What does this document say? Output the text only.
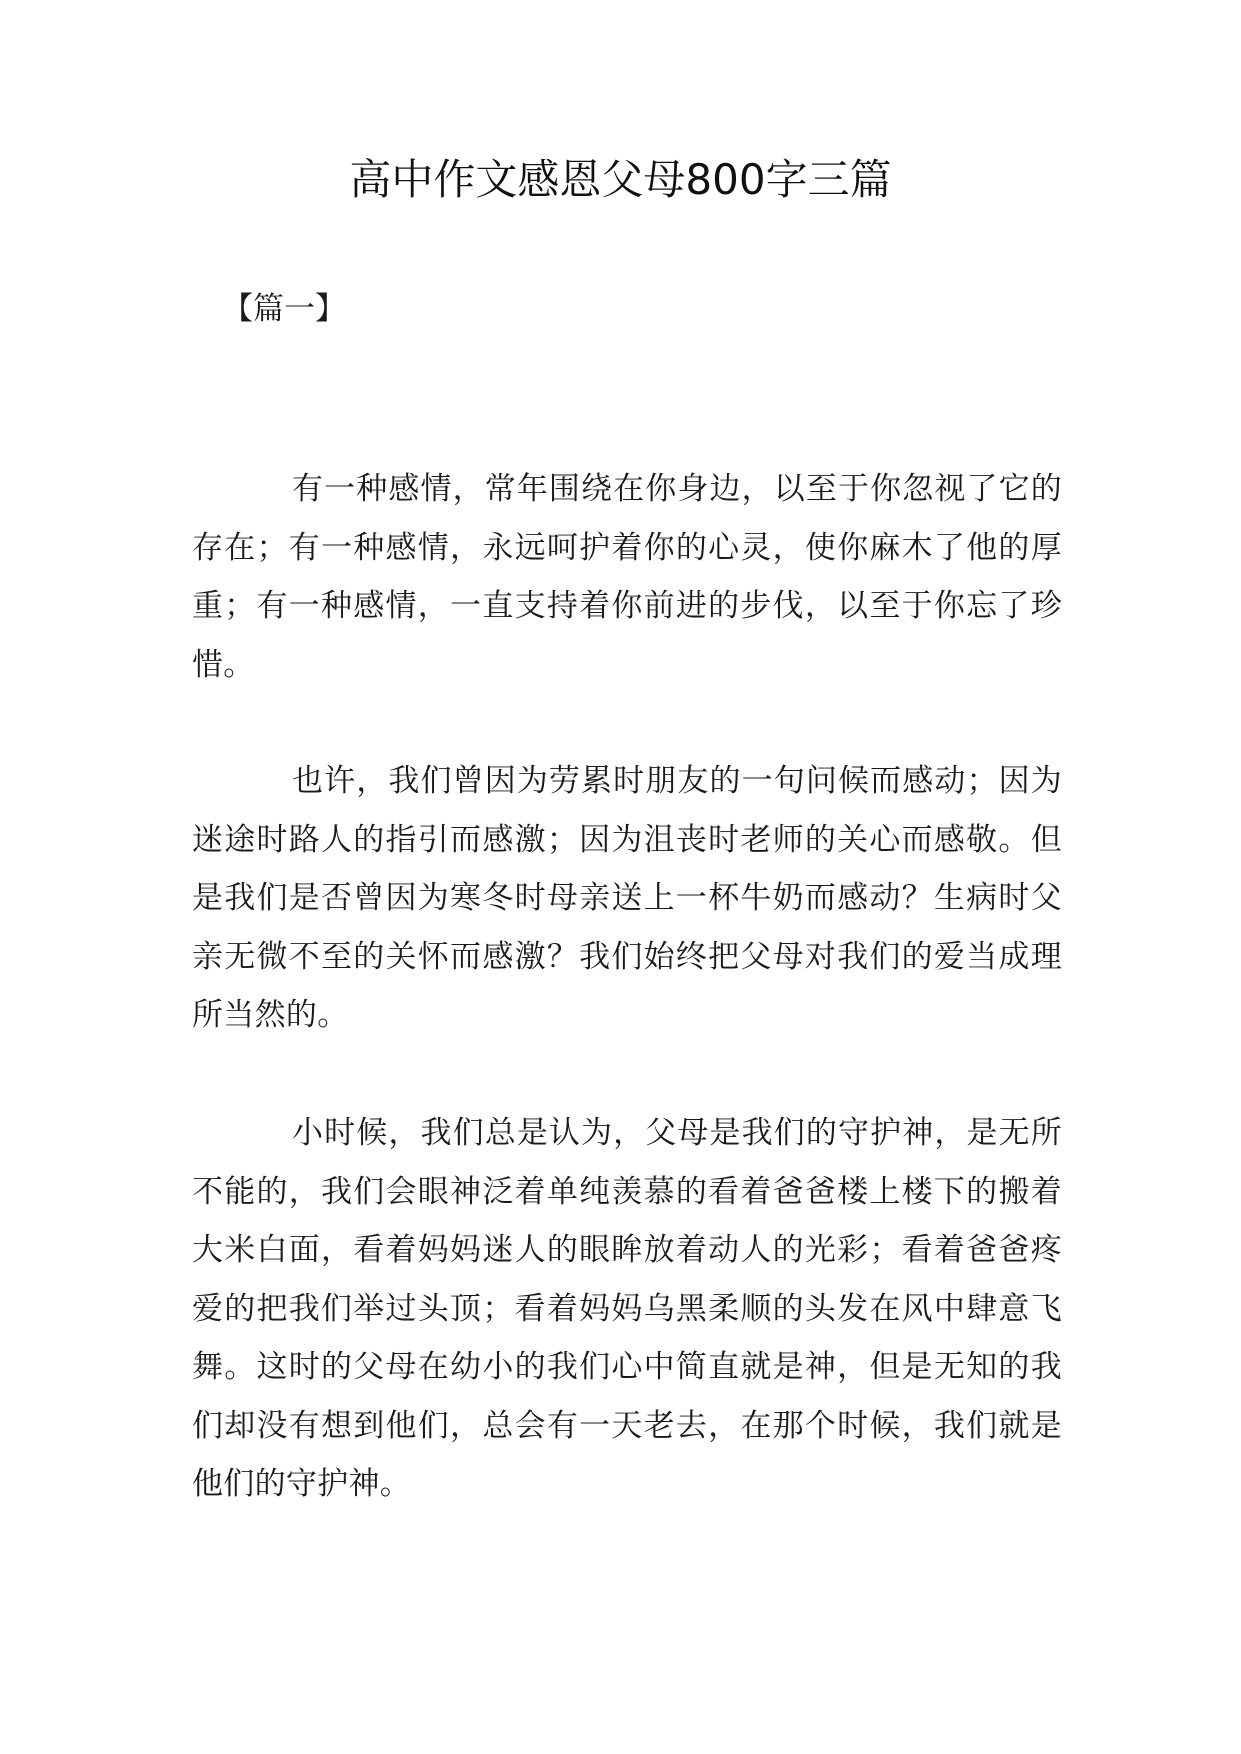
高中作文感恩父母800字三篇
【篇一】

有一种感情，常年围绕在你身边，以至于你忽视了它的存在；有一种感情，永远呵护着你的心灵，使你麻木了他的厚重；有一种感情，一直支持着你前进的步伐，以至于你忘了珍惜。

也许，我们曾因为劳累时朋友的一句问候而感动；因为迷途时路人的指引而感激；因为沮丧时老师的关心而感敬。但是我们是否曾因为寒冬时母亲送上一杯牛奶而感动？生病时父亲无微不至的关怀而感激？我们始终把父母对我们的爱当成理所当然的。

小时候，我们总是认为，父母是我们的守护神，是无所不能的，我们会眼神泛着单纯羡慕的看着爸爸楼上楼下的搬着大米白面，看着妈妈迷人的眼眸放着动人的光彩；看着爸爸疼爱的把我们举过头顶；看着妈妈乌黑柔顺的头发在风中肆意飞舞。这时的父母在幼小的我们心中简直就是神，但是无知的我们却没有想到他们，总会有一天老去，在那个时候，我们就是他们的守护神。
